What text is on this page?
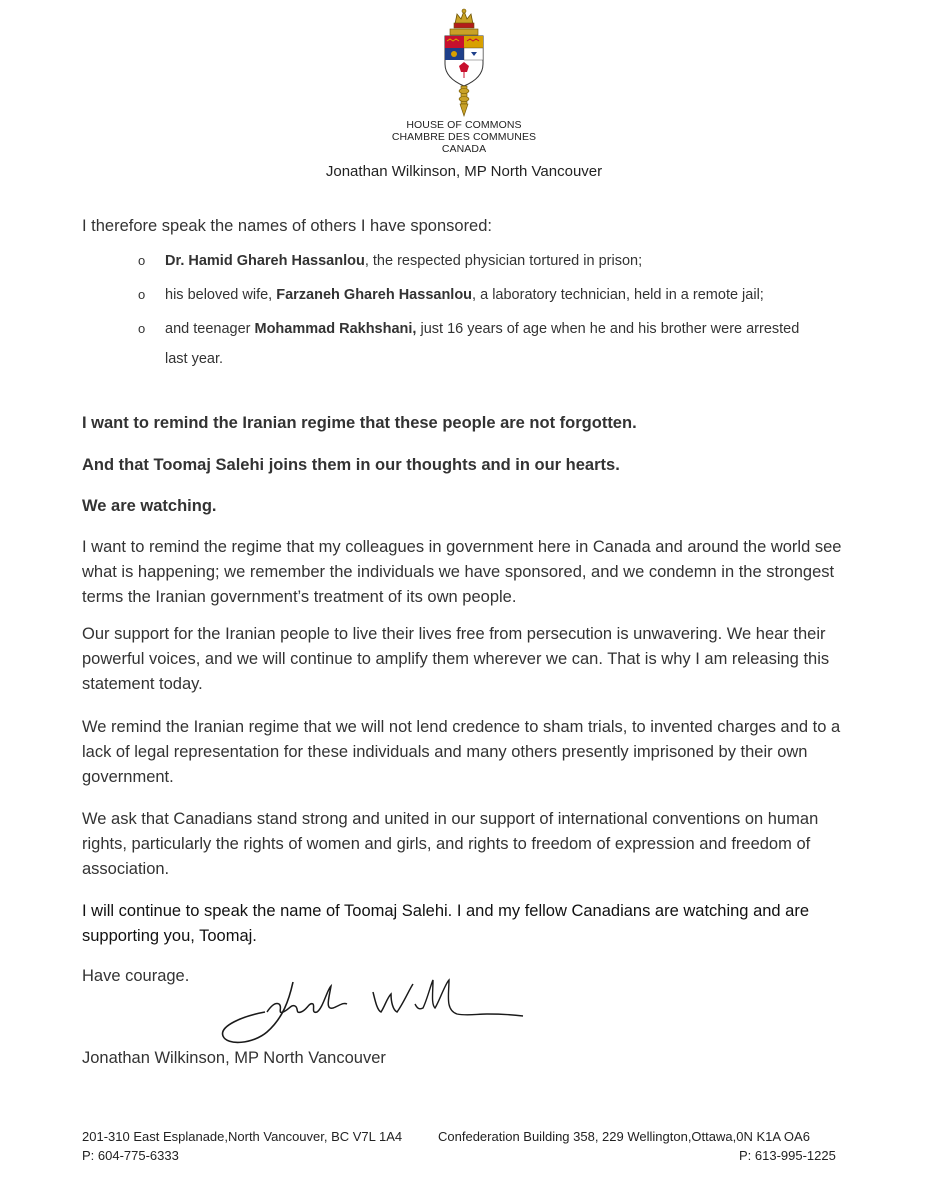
HOUSE OF COMMONS
CHAMBRE DES COMMUNES
CANADA
Jonathan Wilkinson, MP North Vancouver
I therefore speak the names of others I have sponsored:
o Dr. Hamid Ghareh Hassanlou, the respected physician tortured in prison;
o his beloved wife, Farzaneh Ghareh Hassanlou, a laboratory technician, held in a remote jail;
o and teenager Mohammad Rakhshani, just 16 years of age when he and his brother were arrested
last year.
I want to remind the Iranian regime that these people are not forgotten.
And that Toomaj Salehi joins them in our thoughts and in our hearts.
We are watching.
I want to remind the regime that my colleagues in government here in Canada and around the world see what is happening; we remember the individuals we have sponsored, and we condemn in the strongest terms the Iranian government’s treatment of its own people.
Our support for the Iranian people to live their lives free from persecution is unwavering. We hear their powerful voices, and we will continue to amplify them wherever we can. That is why I am releasing this statement today.
We remind the Iranian regime that we will not lend credence to sham trials, to invented charges and to a lack of legal representation for these individuals and many others presently imprisoned by their own government.
We ask that Canadians stand strong and united in our support of international conventions on human rights, particularly the rights of women and girls, and rights to freedom of expression and freedom of association.
I will continue to speak the name of Toomaj Salehi. I and my fellow Canadians are watching and are supporting you, Toomaj.
Have courage.
Jonathan Wilkinson, MP North Vancouver
201-310 East Esplanade,North Vancouver, BC V7L 1A4
P: 604-775-6333
Confederation Building 358, 229 Wellington,Ottawa,0N K1A OA6
P: 613-995-1225
